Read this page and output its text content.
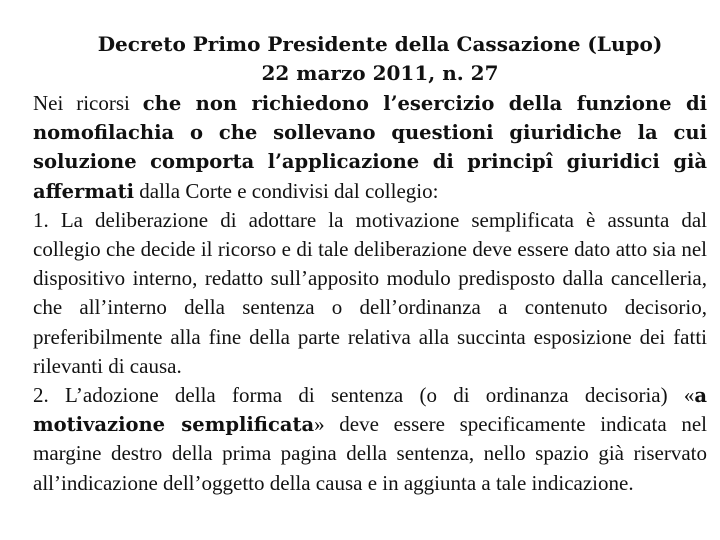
Decreto Primo Presidente della Cassazione (Lupo)
22 marzo 2011, n. 27

Nei ricorsi che non richiedono l’esercizio della funzione di nomofilachia o che sollevano questioni giuridiche la cui soluzione comporta l’applicazione di principî giuridici già affermati dalla Corte e condivisi dal collegio:

1. La deliberazione di adottare la motivazione semplificata è assunta dal collegio che decide il ricorso e di tale deliberazione deve essere dato atto sia nel dispositivo interno, redatto sull’apposito modulo predisposto dalla cancelleria, che all’interno della sentenza o dell’ordinanza a contenuto decisorio, preferibilmente alla fine della parte relativa alla succinta esposizione dei fatti rilevanti di causa.

2. L’adozione della forma di sentenza (o di ordinanza decisoria) «a motivazione semplificata» deve essere specificamente indicata nel margine destro della prima pagina della sentenza, nello spazio già riservato all’indicazione dell’oggetto della causa e in aggiunta a tale indicazione.
